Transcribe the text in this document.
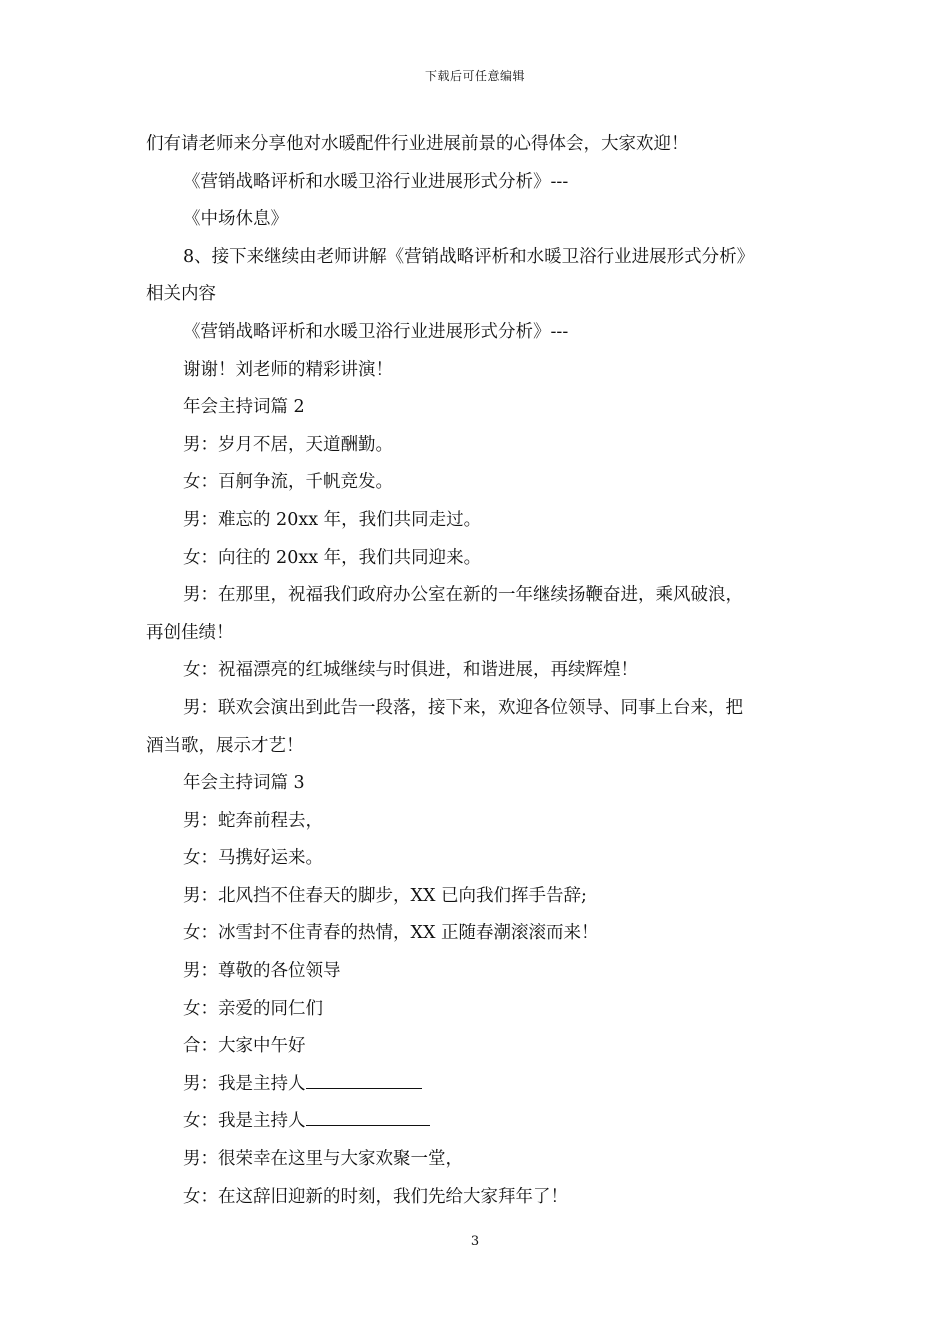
下载后可任意编辑

们有请老师来分享他对水暖配件行业进展前景的心得体会，大家欢迎！

《营销战略评析和水暖卫浴行业进展形式分析》---

《中场休息》

8、接下来继续由老师讲解《营销战略评析和水暖卫浴行业进展形式分析》

相关内容

《营销战略评析和水暖卫浴行业进展形式分析》---

谢谢！刘老师的精彩讲演！

年会主持词篇 2

男：岁月不居，天道酬勤。

女：百舸争流，千帆竞发。

男：难忘的 20xx 年，我们共同走过。

女：向往的 20xx 年，我们共同迎来。

男：在那里，祝福我们政府办公室在新的一年继续扬鞭奋进，乘风破浪，

再创佳绩！

女：祝福漂亮的红城继续与时俱进，和谐进展，再续辉煌！

男：联欢会演出到此告一段落，接下来，欢迎各位领导、同事上台来，把

酒当歌，展示才艺！

年会主持词篇 3

男：蛇奔前程去，

女：马携好运来。

男：北风挡不住春天的脚步，XX 已向我们挥手告辞;

女：冰雪封不住青春的热情，XX 正随春潮滚滚而来！

男：尊敬的各位领导

女：亲爱的同仁们

合：大家中午好

男：我是主持人

女：我是主持人

男：很荣幸在这里与大家欢聚一堂，

女：在这辞旧迎新的时刻，我们先给大家拜年了！

3
